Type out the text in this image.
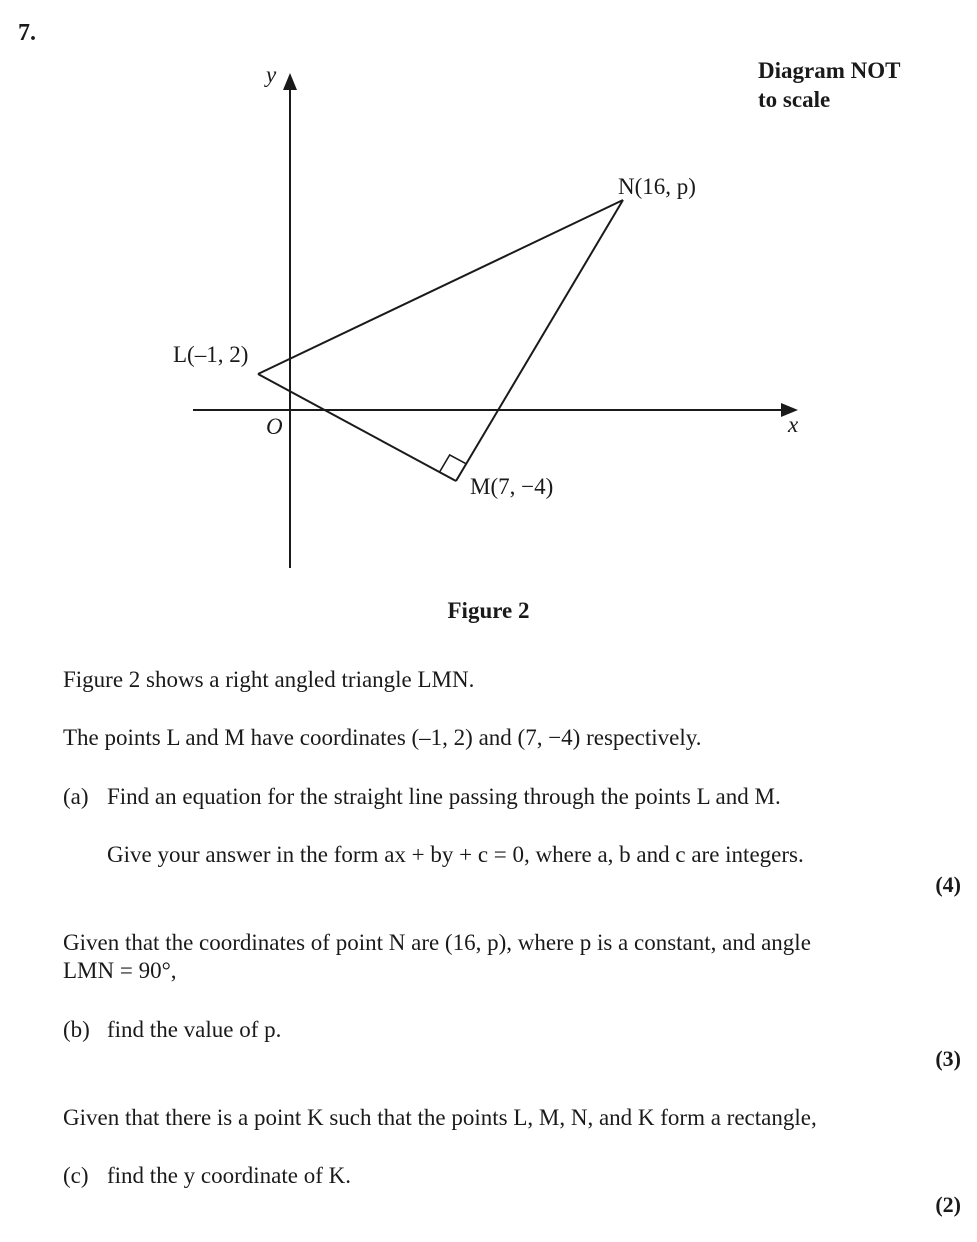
7.
Diagram NOT
to scale
y
x
O
L(–1, 2)
M(7, −4)
N(16, p)
Figure 2
Figure 2 shows a right angled triangle LMN.
The points L and M have coordinates (–1, 2) and (7, −4) respectively.
(a) Find an equation for the straight line passing through the points L and M.
Give your answer in the form ax + by + c = 0, where a, b and c are integers.
(4)
Given that the coordinates of point N are (16, p), where p is a constant, and angle
LMN = 90°,
(b) find the value of p.
(3)
Given that there is a point K such that the points L, M, N, and K form a rectangle,
(c) find the y coordinate of K.
(2)
